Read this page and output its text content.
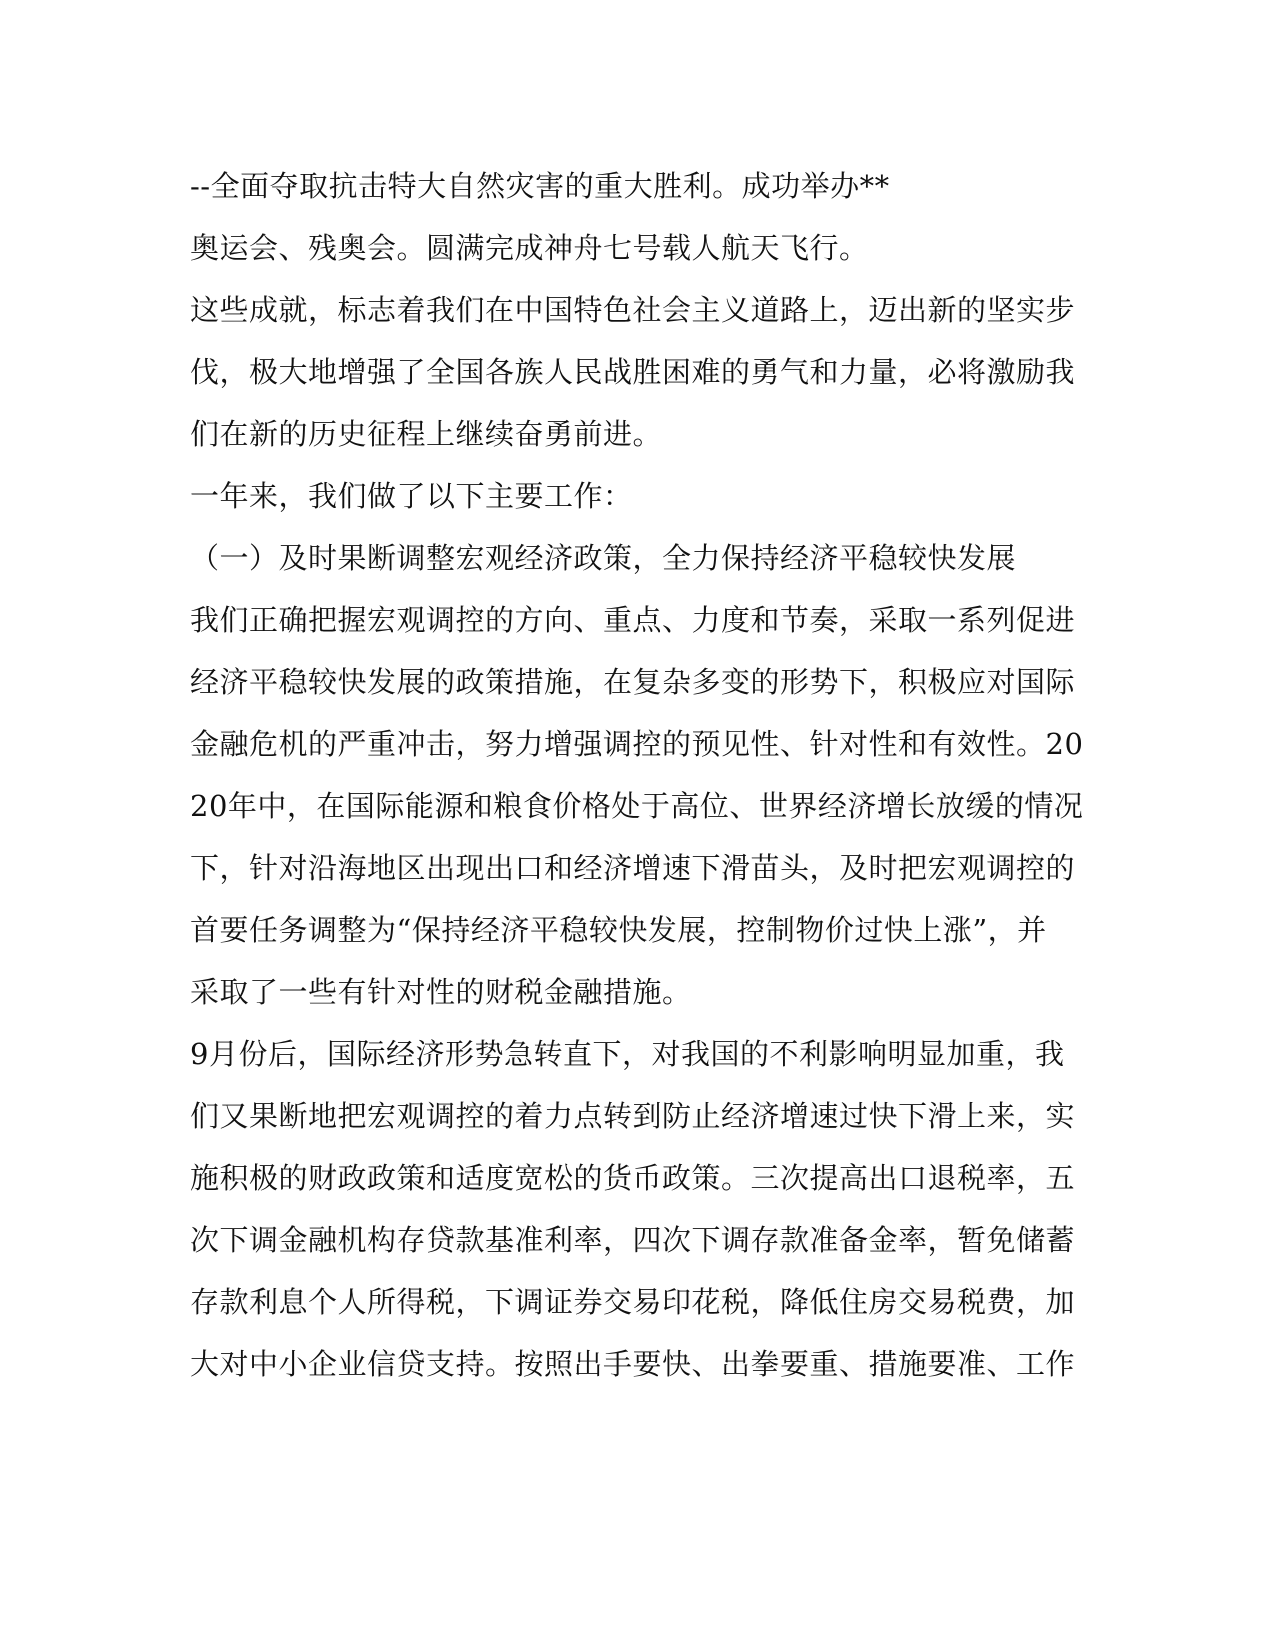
--全面夺取抗击特大自然灾害的重大胜利。成功举办**
奥运会、残奥会。圆满完成神舟七号载人航天飞行。
这些成就，标志着我们在中国特色社会主义道路上，迈出新的坚实步
伐，极大地增强了全国各族人民战胜困难的勇气和力量，必将激励我
们在新的历史征程上继续奋勇前进。
一年来，我们做了以下主要工作：
（一）及时果断调整宏观经济政策，全力保持经济平稳较快发展
我们正确把握宏观调控的方向、重点、力度和节奏，采取一系列促进
经济平稳较快发展的政策措施，在复杂多变的形势下，积极应对国际
金融危机的严重冲击，努力增强调控的预见性、针对性和有效性。20
20年中，在国际能源和粮食价格处于高位、世界经济增长放缓的情况
下，针对沿海地区出现出口和经济增速下滑苗头，及时把宏观调控的
首要任务调整为“保持经济平稳较快发展，控制物价过快上涨”，并
采取了一些有针对性的财税金融措施。
9月份后，国际经济形势急转直下，对我国的不利影响明显加重，我
们又果断地把宏观调控的着力点转到防止经济增速过快下滑上来，实
施积极的财政政策和适度宽松的货币政策。三次提高出口退税率，五
次下调金融机构存贷款基准利率，四次下调存款准备金率，暂免储蓄
存款利息个人所得税，下调证券交易印花税，降低住房交易税费，加
大对中小企业信贷支持。按照出手要快、出拳要重、措施要准、工作
